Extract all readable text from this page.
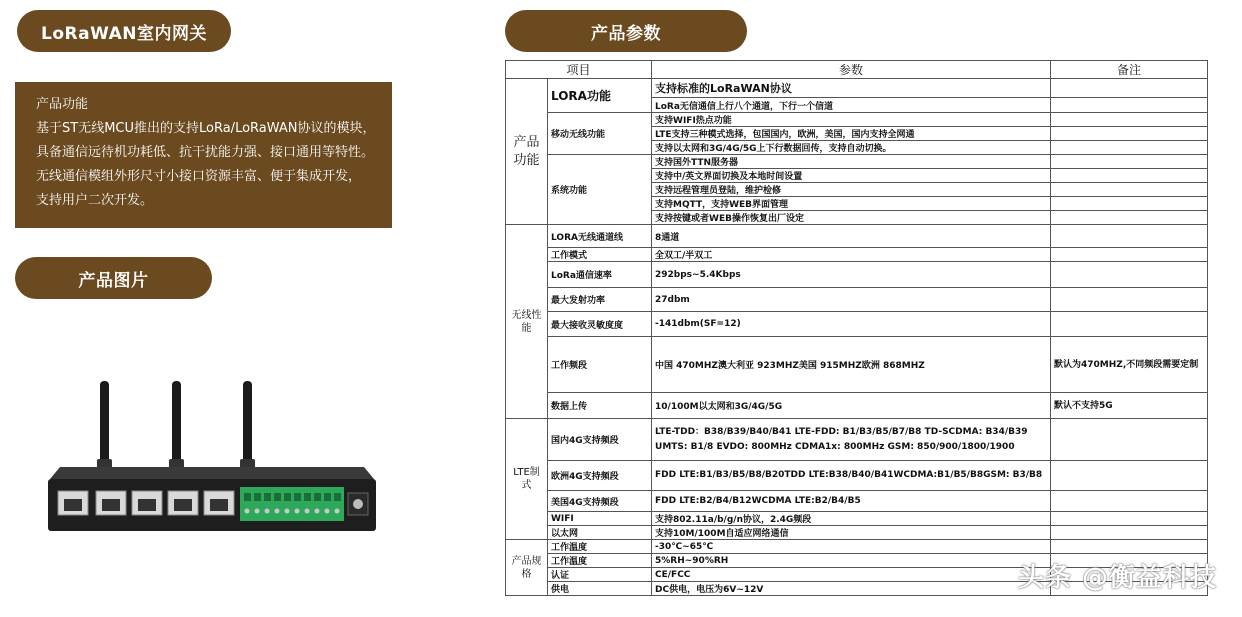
LoRaWAN室内网关	产品参数
产品图片
产品功能
基于ST无线MCU推出的支持LoRa/LoRaWAN协议的模块，
具备通信远待机功耗低、抗干扰能力强、接口通用等特性。
无线通信模组外形尺寸小接口资源丰富、便于集成开发，
支持用户二次开发。
项目		参数	备注
产品功能	LORA功能	支持标准的LoRaWAN协议	
		LoRa无信通信上行八个通道，下行一个信道	
	移动无线功能	支持WIFI热点功能	
		LTE支持三种模式选择，包国国内，欧洲，美国，国内支持全网通	
		支持以太网和3G/4G/5G上下行数据回传，支持自动切换。	
	系统功能	支持国外TTN服务器	
		支持中/英文界面切换及本地时间设置	
		支持远程管理员登陆，维护检修	
		支持MQTT，支持WEB界面管理	
		支持按键或者WEB操作恢复出厂设定	
无线性能	LORA无线通道线	8通道	
	工作模式	全双工/半双工	
	LoRa通信速率	292bps~5.4Kbps	
	最大发射功率	27dbm	
	最大接收灵敏度度	-141dbm(SF=12)	
	工作频段	中国 470MHZ澳大利亚 923MHZ美国 915MHZ欧洲 868MHZ	默认为470MHZ,不同频段需要定制
	数据上传	10/100M以太网和3G/4G/5G	默认不支持5G
LTE制式	国内4G支持频段	LTE-TDD：B38/B39/B40/B41 LTE-FDD: B1/B3/B5/B7/B8 TD-SCDMA: B34/B39 UMTS: B1/8 EVDO: 800MHz CDMA1x: 800MHz GSM: 850/900/1800/1900	
	欧洲4G支持频段	FDD LTE:B1/B3/B5/B8/B20TDD LTE:B38/B40/B41WCDMA:B1/B5/B8GSM: B3/B8	
	美国4G支持频段	FDD LTE:B2/B4/B12WCDMA LTE:B2/B4/B5	
	WIFI	支持802.11a/b/g/n协议，2.4G频段	
	以太网	支持10M/100M自适应网络通信	
产品规格	工作温度	-30℃~65℃	
	工作温度	5%RH~90%RH	
	认证	CE/FCC	
	供电	DC供电，电压为6V~12V		头条 @衡益科技
